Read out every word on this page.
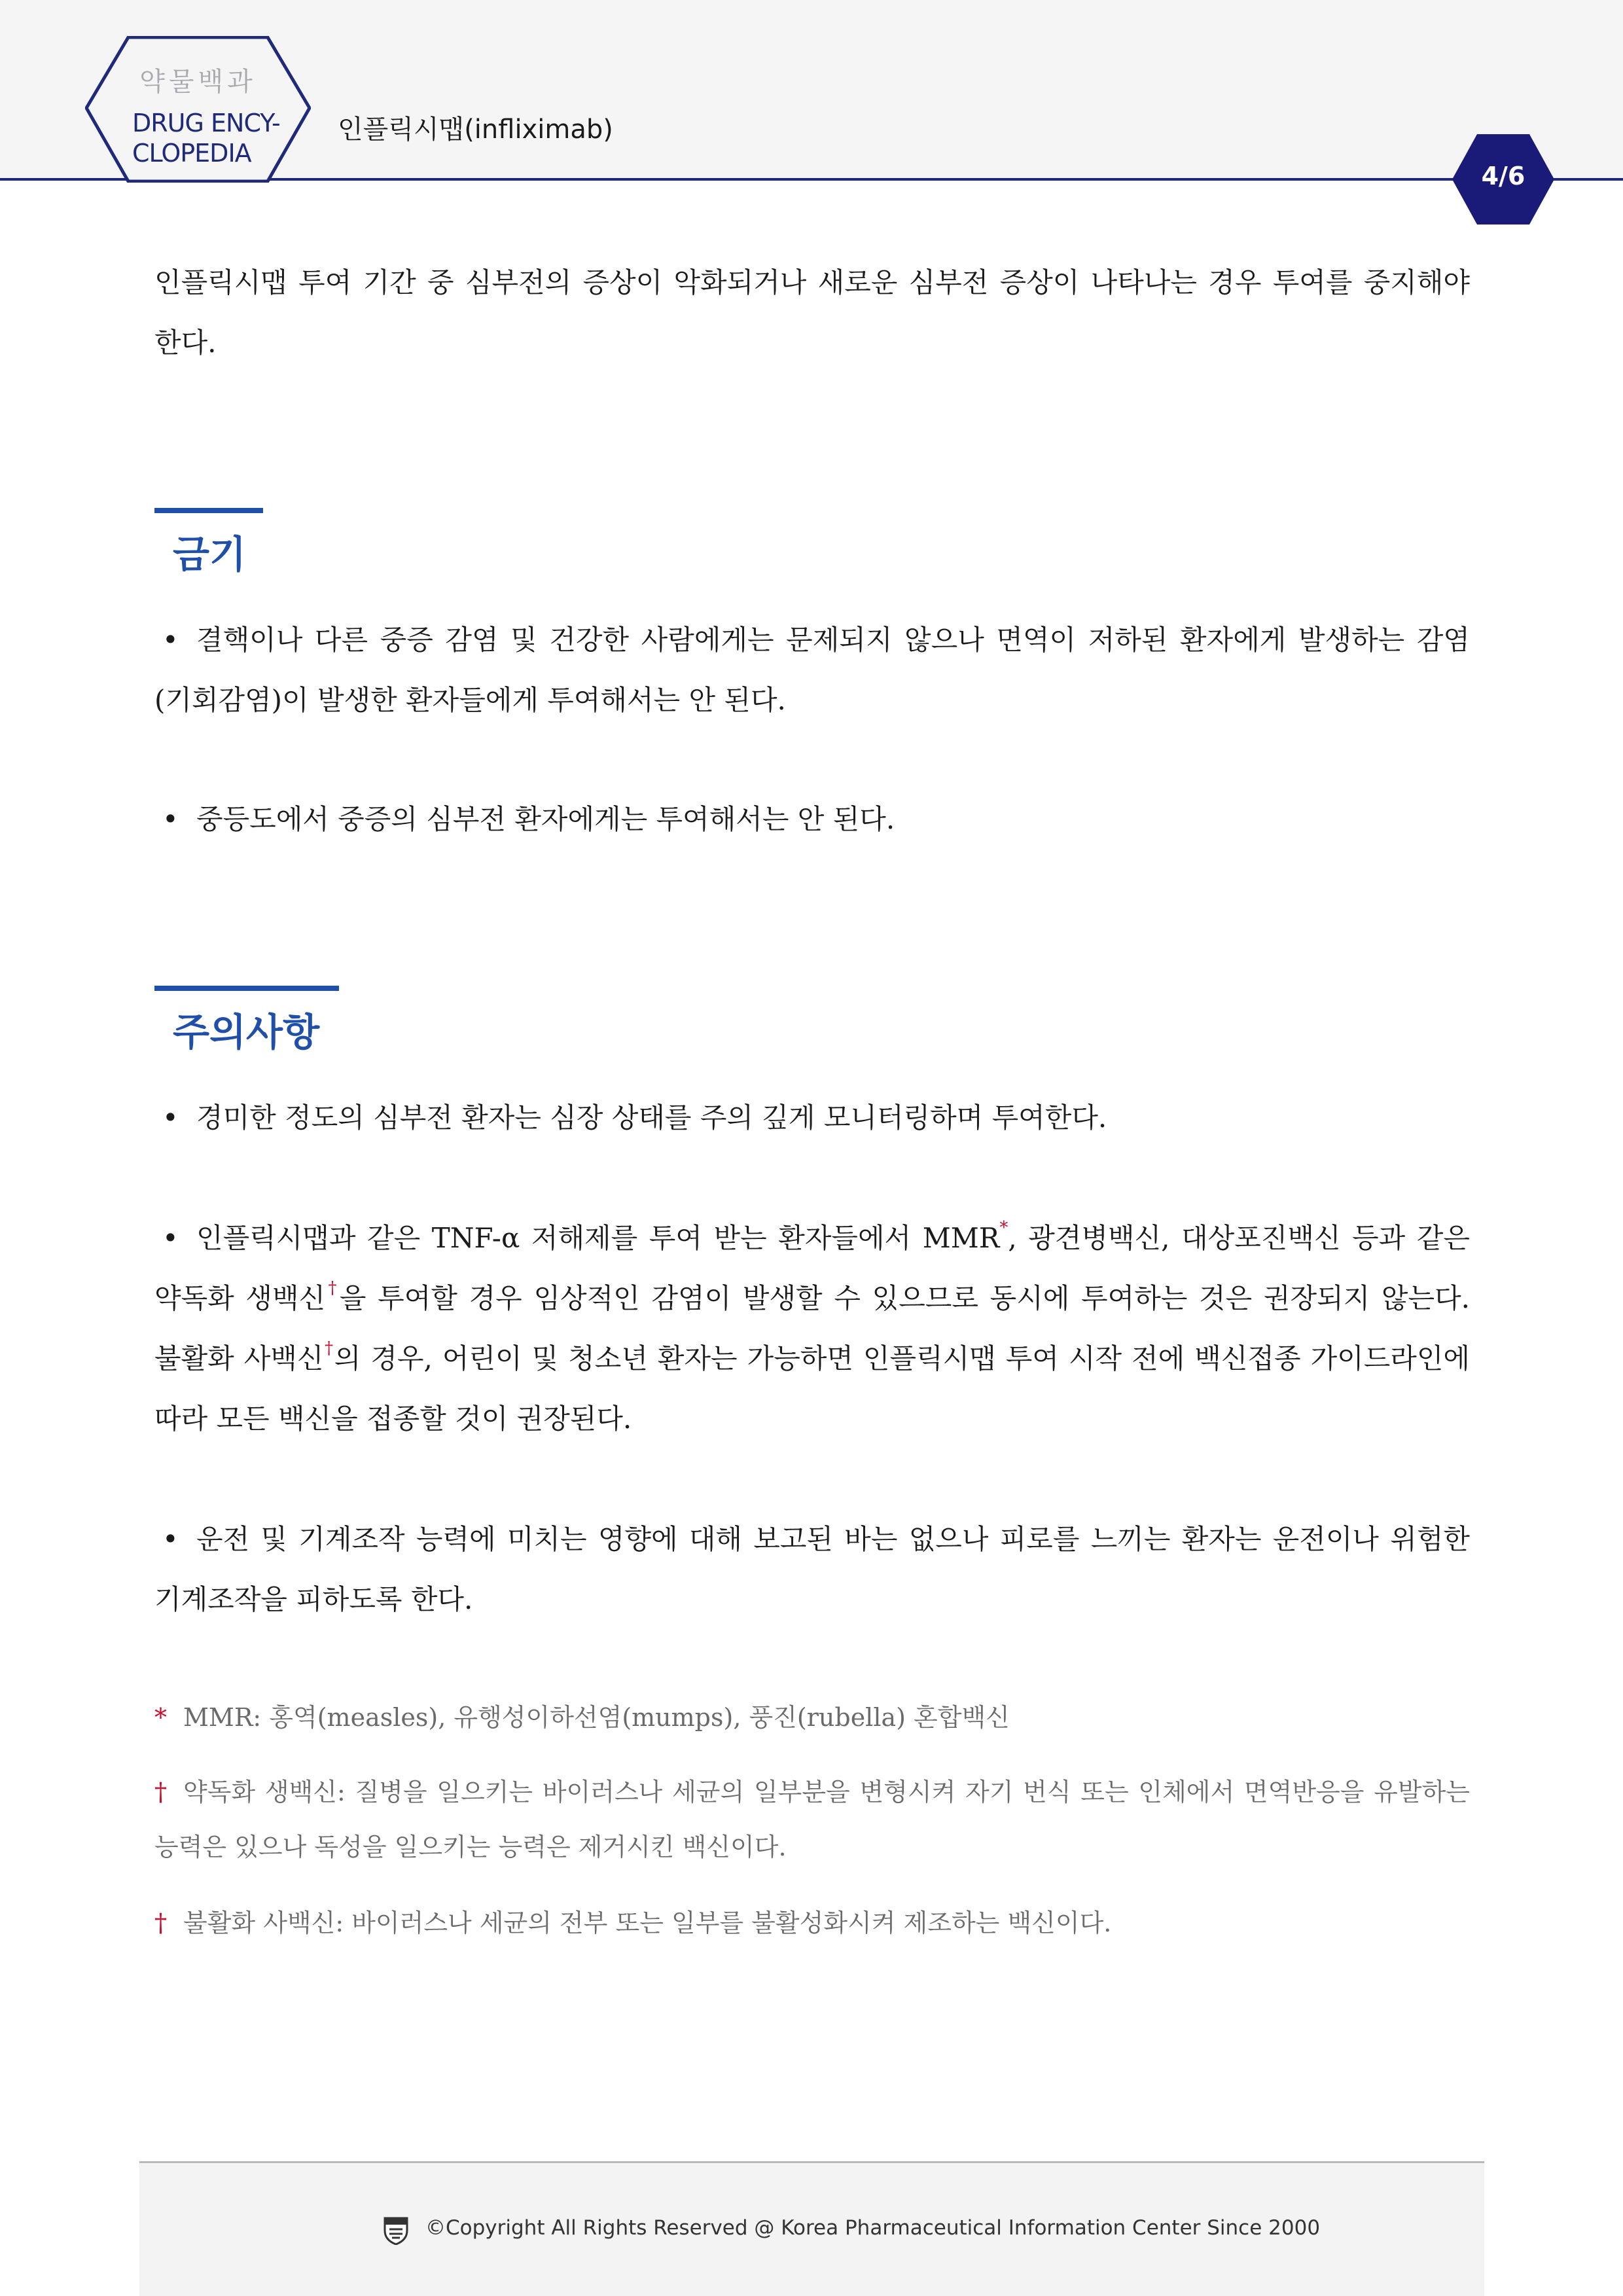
약물백과
DRUG ENCY-
CLOPEDIA
인플릭시맵(infliximab)
4/6
인플릭시맵 투여 기간 중 심부전의 증상이 악화되거나 새로운 심부전 증상이 나타나는 경우 투여를 중지해야 한다.
금기
• 결핵이나 다른 중증 감염 및 건강한 사람에게는 문제되지 않으나 면역이 저하된 환자에게 발생하는 감염(기회감염)이 발생한 환자들에게 투여해서는 안 된다.
• 중등도에서 중증의 심부전 환자에게는 투여해서는 안 된다.
주의사항
• 경미한 정도의 심부전 환자는 심장 상태를 주의 깊게 모니터링하며 투여한다.
• 인플릭시맵과 같은 TNF-α 저해제를 투여 받는 환자들에서 MMR*, 광견병백신, 대상포진백신 등과 같은 약독화 생백신†을 투여할 경우 임상적인 감염이 발생할 수 있으므로 동시에 투여하는 것은 권장되지 않는다. 불활화 사백신†의 경우, 어린이 및 청소년 환자는 가능하면 인플릭시맵 투여 시작 전에 백신접종 가이드라인에 따라 모든 백신을 접종할 것이 권장된다.
• 운전 및 기계조작 능력에 미치는 영향에 대해 보고된 바는 없으나 피로를 느끼는 환자는 운전이나 위험한 기계조작을 피하도록 한다.
* MMR: 홍역(measles), 유행성이하선염(mumps), 풍진(rubella) 혼합백신
† 약독화 생백신: 질병을 일으키는 바이러스나 세균의 일부분을 변형시켜 자기 번식 또는 인체에서 면역반응을 유발하는 능력은 있으나 독성을 일으키는 능력은 제거시킨 백신이다.
† 불활화 사백신: 바이러스나 세균의 전부 또는 일부를 불활성화시켜 제조하는 백신이다.
©Copyright All Rights Reserved @ Korea Pharmaceutical Information Center Since 2000
